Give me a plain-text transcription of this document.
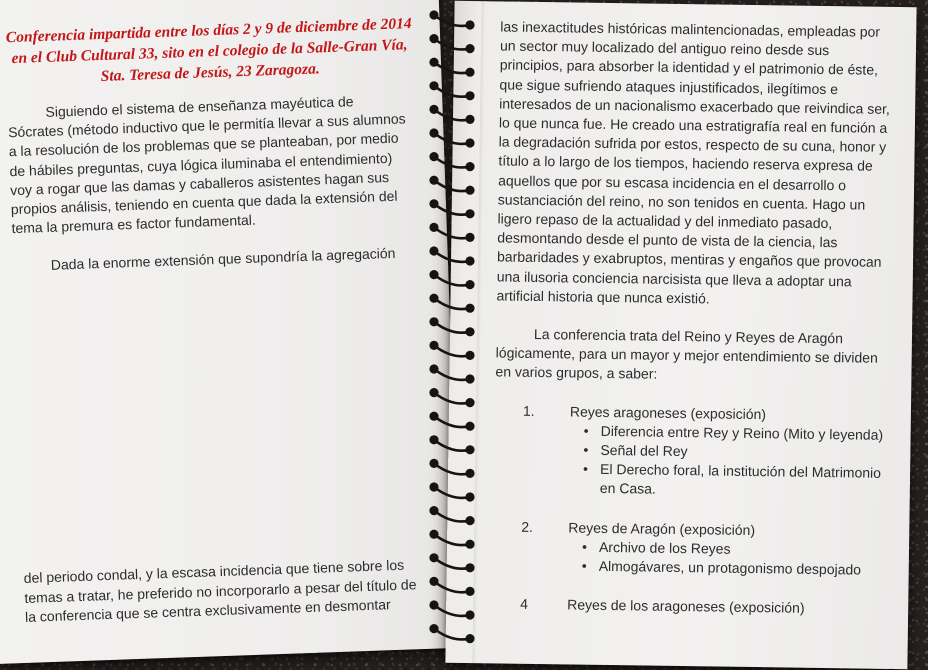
Conferencia impartida entre los días 2 y 9 de diciembre de 2014 en el Club Cultural 33, sito en el colegio de la Salle-Gran Vía, Sta. Teresa de Jesús, 23 Zaragoza.

Siguiendo el sistema de enseñanza mayéutica de Sócrates (método inductivo que le permitía llevar a sus alumnos a la resolución de los problemas que se planteaban, por medio de hábiles preguntas, cuya lógica iluminaba el entendimiento) voy a rogar que las damas y caballeros asistentes hagan sus propios análisis, teniendo en cuenta que dada la extensión del tema la premura es factor fundamental.

Dada la enorme extensión que supondría la agregación

del periodo condal, y la escasa incidencia que tiene sobre los temas a tratar, he preferido no incorporarlo a pesar del título de la conferencia que se centra exclusivamente en desmontar

las inexactitudes históricas malintencionadas, empleadas por un sector muy localizado del antiguo reino desde sus principios, para absorber la identidad y el patrimonio de éste, que sigue sufriendo ataques injustificados, ilegítimos e interesados de un nacionalismo exacerbado que reivindica ser, lo que nunca fue. He creado una estratigrafía real en función a la degradación sufrida por estos, respecto de su cuna, honor y título a lo largo de los tiempos, haciendo reserva expresa de aquellos que por su escasa incidencia en el desarrollo o sustanciación del reino, no son tenidos en cuenta. Hago un ligero repaso de la actualidad y del inmediato pasado, desmontando desde el punto de vista de la ciencia, las barbaridades y exabruptos, mentiras y engaños que provocan una ilusoria conciencia narcisista que lleva a adoptar una artificial historia que nunca existió.

La conferencia trata del Reino y Reyes de Aragón lógicamente, para un mayor y mejor entendimiento se dividen en varios grupos, a saber:

1.	Reyes aragoneses (exposición)
• Diferencia entre Rey y Reino (Mito y leyenda)
• Señal del Rey
• El Derecho foral, la institución del Matrimonio en Casa.
2.	Reyes de Aragón (exposición)
• Archivo de los Reyes
• Almogávares, un protagonismo despojado
4	Reyes de los aragoneses (exposición)
